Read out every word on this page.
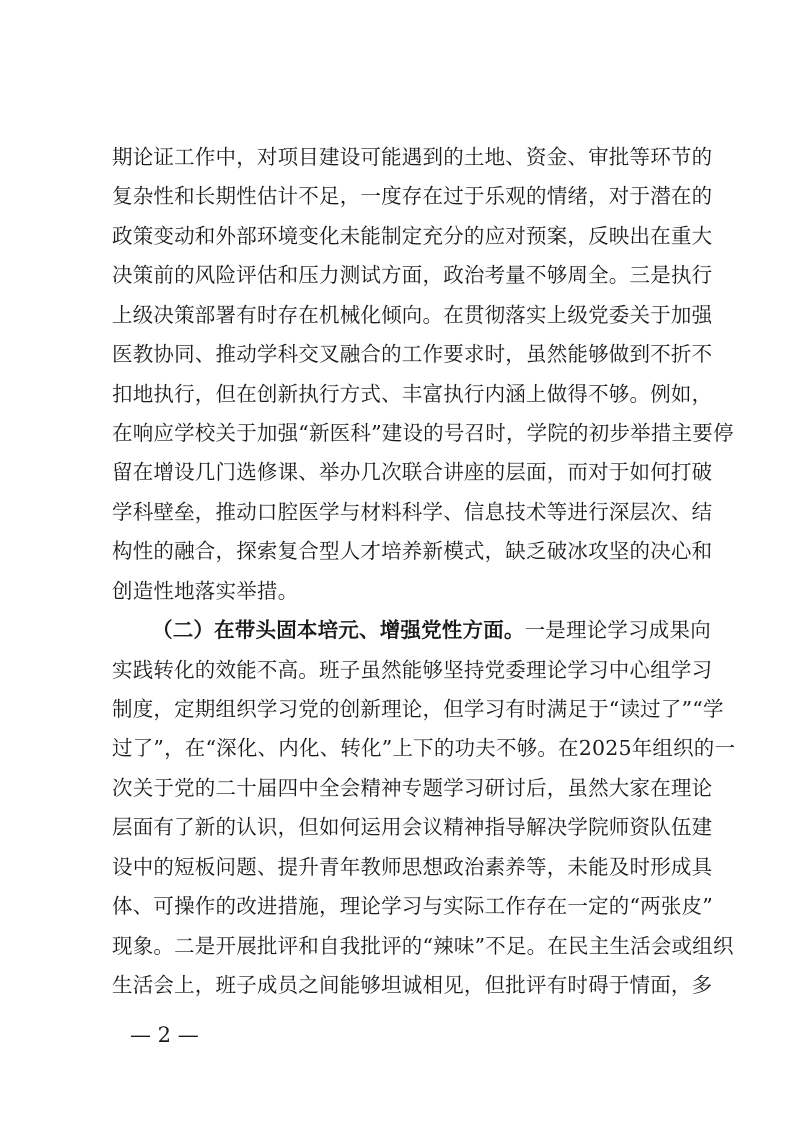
期论证工作中，对项目建设可能遇到的土地、资金、审批等环节的
复杂性和长期性估计不足，一度存在过于乐观的情绪，对于潜在的
政策变动和外部环境变化未能制定充分的应对预案，反映出在重大
决策前的风险评估和压力测试方面，政治考量不够周全。三是执行
上级决策部署有时存在机械化倾向。在贯彻落实上级党委关于加强
医教协同、推动学科交叉融合的工作要求时，虽然能够做到不折不
扣地执行，但在创新执行方式、丰富执行内涵上做得不够。例如，
在响应学校关于加强“新医科”建设的号召时，学院的初步举措主要停
留在增设几门选修课、举办几次联合讲座的层面，而对于如何打破
学科壁垒，推动口腔医学与材料科学、信息技术等进行深层次、结
构性的融合，探索复合型人才培养新模式，缺乏破冰攻坚的决心和
创造性地落实举措。
（二）在带头固本培元、增强党性方面。一是理论学习成果向
实践转化的效能不高。班子虽然能够坚持党委理论学习中心组学习
制度，定期组织学习党的创新理论，但学习有时满足于“读过了”“学
过了”，在“深化、内化、转化”上下的功夫不够。在2025年组织的一
次关于党的二十届四中全会精神专题学习研讨后，虽然大家在理论
层面有了新的认识，但如何运用会议精神指导解决学院师资队伍建
设中的短板问题、提升青年教师思想政治素养等，未能及时形成具
体、可操作的改进措施，理论学习与实际工作存在一定的“两张皮”
现象。二是开展批评和自我批评的“辣味”不足。在民主生活会或组织
生活会上，班子成员之间能够坦诚相见，但批评有时碍于情面，多
— 2 —
